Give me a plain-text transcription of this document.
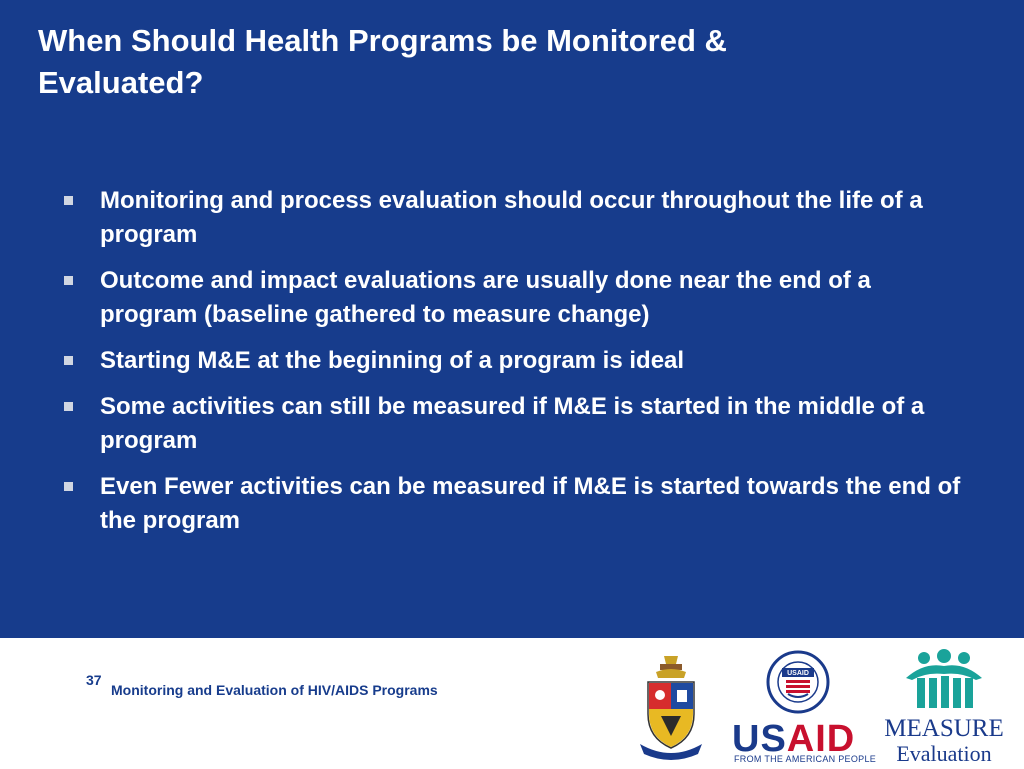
When Should Health Programs be Monitored &
Evaluated?
Monitoring and process evaluation should occur throughout the life of a program
Outcome and impact evaluations are usually done near the end of a program (baseline gathered to measure change)
Starting M&E at the beginning of a program is ideal
Some activities can still be measured if M&E is started in the middle of a program
Even Fewer activities can be measured if M&E is started towards the end of the program
37
Monitoring and Evaluation of HIV/AIDS Programs
USAID
USAID
FROM THE AMERICAN PEOPLE
MEASURE
Evaluation
